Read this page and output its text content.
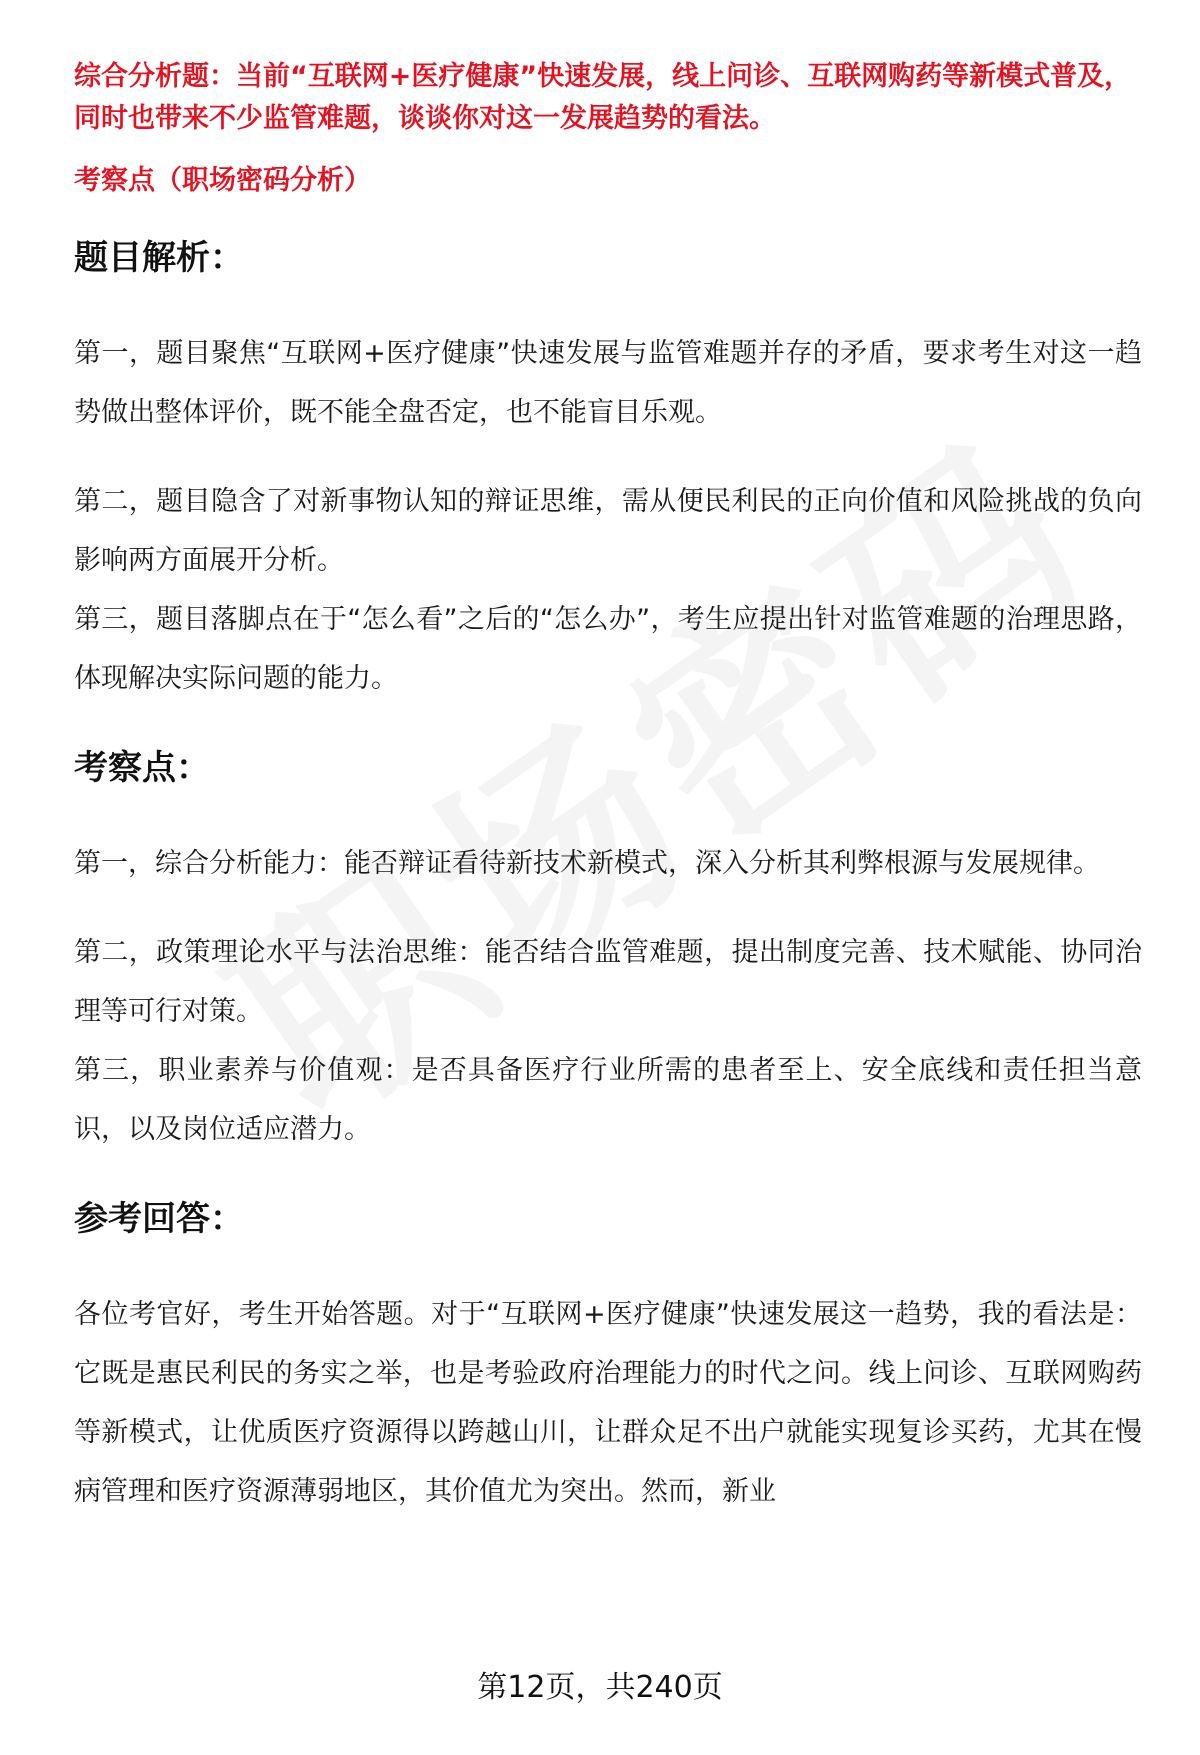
综合分析题：当前“互联网+医疗健康”快速发展，线上问诊、互联网购药等新模式普及，同时也带来不少监管难题，谈谈你对这一发展趋势的看法。

考察点（职场密码分析）

题目解析：

第一，题目聚焦“互联网+医疗健康”快速发展与监管难题并存的矛盾，要求考生对这一趋势做出整体评价，既不能全盘否定，也不能盲目乐观。

第二，题目隐含了对新事物认知的辩证思维，需从便民利民的正向价值和风险挑战的负向影响两方面展开分析。

第三，题目落脚点在于“怎么看”之后的“怎么办”，考生应提出针对监管难题的治理思路，体现解决实际问题的能力。

考察点：

第一，综合分析能力：能否辩证看待新技术新模式，深入分析其利弊根源与发展规律。

第二，政策理论水平与法治思维：能否结合监管难题，提出制度完善、技术赋能、协同治理等可行对策。

第三，职业素养与价值观：是否具备医疗行业所需的患者至上、安全底线和责任担当意识，以及岗位适应潜力。

参考回答：

各位考官好，考生开始答题。对于“互联网+医疗健康”快速发展这一趋势，我的看法是：它既是惠民利民的务实之举，也是考验政府治理能力的时代之问。线上问诊、互联网购药等新模式，让优质医疗资源得以跨越山川，让群众足不出户就能实现复诊买药，尤其在慢病管理和医疗资源薄弱地区，其价值尤为突出。然而，新业

第12页，共240页
